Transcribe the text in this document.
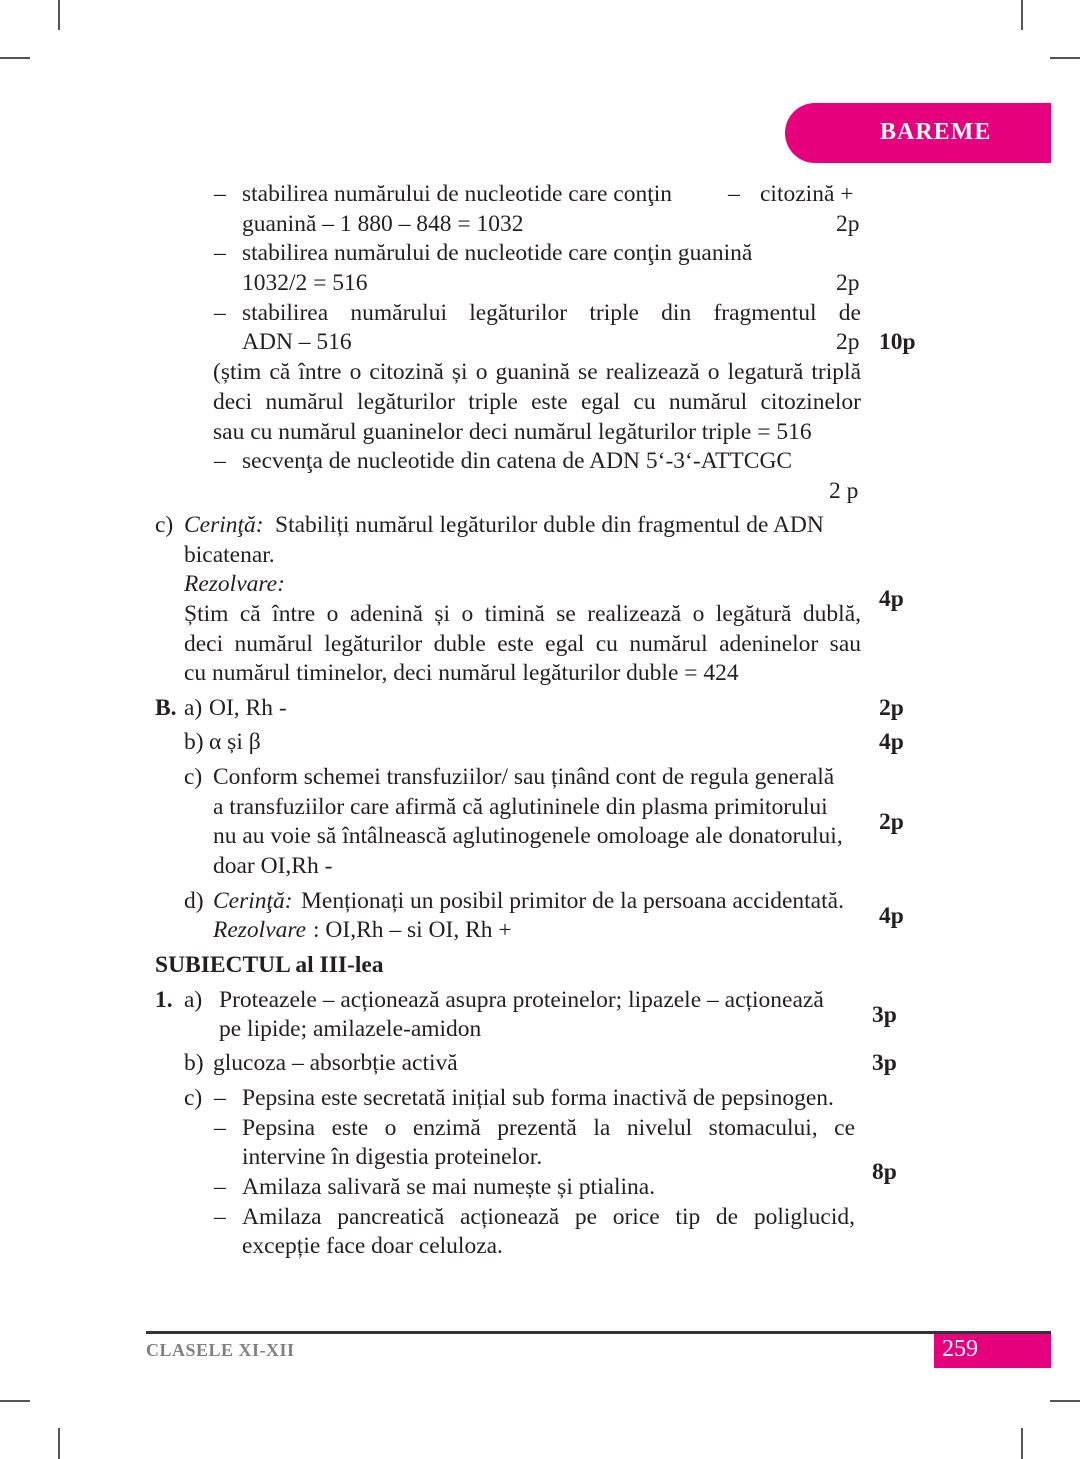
BAREME
– stabilirea numărului de nucleotide care conţin – citozină +
guanină – 1 880 – 848 = 1032	2p
– stabilirea numărului de nucleotide care conţin guanină
1032/2 = 516	2p
– stabilirea numărului legăturilor triple din fragmentul de
ADN – 516	2p 10p
(știm că între o citozină și o guanină se realizează o legatură triplă
deci numărul legăturilor triple este egal cu numărul citozinelor
sau cu numărul guaninelor deci numărul legăturilor triple = 516
– secvenţa de nucleotide din catena de ADN 5‘-3‘-ATTCGC
2 p
c) Cerinţă: Stabiliți numărul legăturilor duble din fragmentul de ADN
bicatenar.
Rezolvare:
Știm că între o adenină și o timină se realizează o legătură dublă,
deci numărul legăturilor duble este egal cu numărul adeninelor sau
cu numărul timinelor, deci numărul legăturilor duble = 424
4p
B. a) OI, Rh -	2p
b) α și β	4p
c) Conform schemei transfuziilor/ sau ținând cont de regula generală
a transfuziilor care afirmă că aglutininele din plasma primitorului
nu au voie să întâlnească aglutinogenele omoloage ale donatorului,
doar OI,Rh -
2p
d) Cerinţă: Menționați un posibil primitor de la persoana accidentată.
Rezolvare : OI,Rh – si OI, Rh +
4p
SUBIECTUL al III-lea
1. a) Proteazele – acționează asupra proteinelor; lipazele – acționează
pe lipide; amilazele-amidon
3p
b) glucoza – absorbție activă	3p
c) – Pepsina este secretată inițial sub forma inactivă de pepsinogen.
– Pepsina este o enzimă prezentă la nivelul stomacului, ce
intervine în digestia proteinelor.
– Amilaza salivară se mai numește și ptialina.
– Amilaza pancreatică acționează pe orice tip de poliglucid,
excepție face doar celuloza.
8p
CLASELE XI-XII	259
